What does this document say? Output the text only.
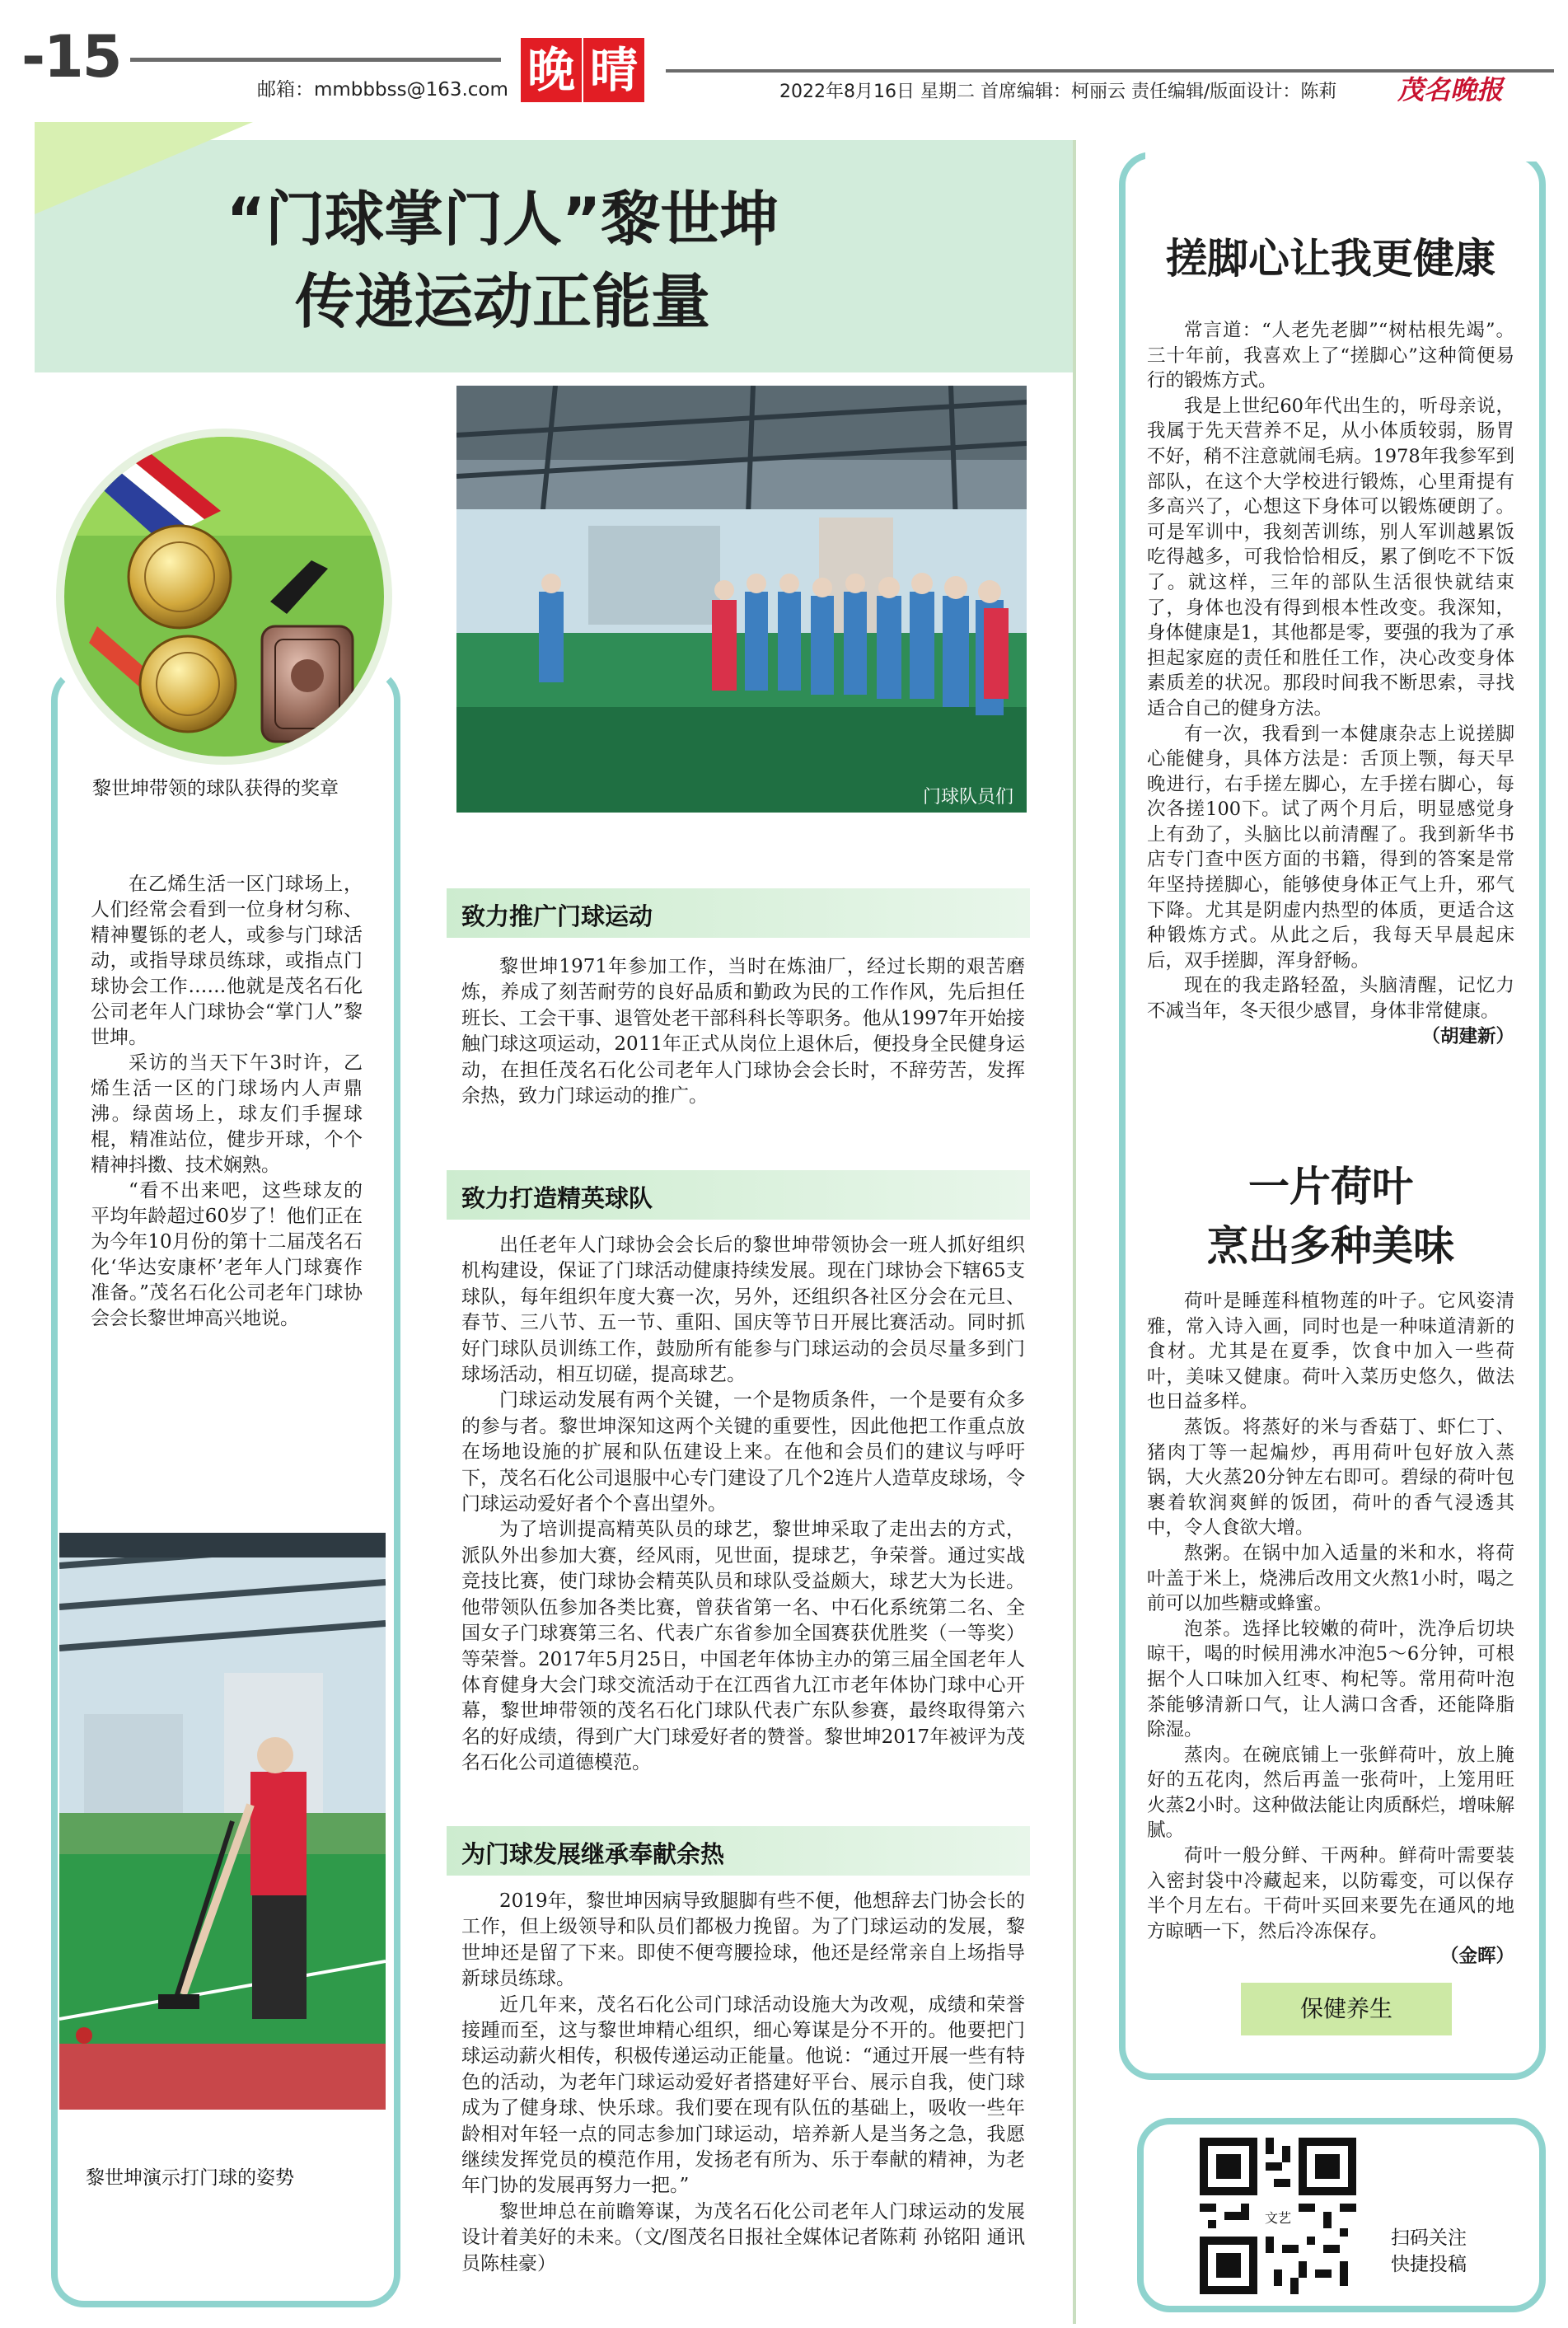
-15	邮箱：mmbbbss@163.com 晚 晴	2022年8月16日 星期二 首席编辑：柯丽云 责任编辑/版面设计：陈莉 茂名晚报
“门球掌门人”黎世坤
传递运动正能量
黎世坤带领的球队获得的奖章	门球队员们

在乙烯生活一区门球场上，人们经常会看到一位身材匀称、精神矍铄的老人，或参与门球活动，或指导球员练球，或指点门球协会工作……他就是茂名石化公司老年人门球协会“掌门人”黎世坤。

采访的当天下午3时许，乙烯生活一区的门球场内人声鼎沸。绿茵场上，球友们手握球棍，精准站位，健步开球，个个精神抖擞、技术娴熟。

“看不出来吧，这些球友的平均年龄超过60岁了！他们正在为今年10月份的第十二届茂名石化‘华达安康杯’老年人门球赛作准备。”茂名石化公司老年门球协会会长黎世坤高兴地说。

黎世坤演示打门球的姿势
致力推广门球运动

黎世坤1971年参加工作，当时在炼油厂，经过长期的艰苦磨炼，养成了刻苦耐劳的良好品质和勤政为民的工作作风，先后担任班长、工会干事、退管处老干部科科长等职务。他从1997年开始接触门球这项运动，2011年正式从岗位上退休后，便投身全民健身运动，在担任茂名石化公司老年人门球协会会长时，不辞劳苦，发挥余热，致力门球运动的推广。

致力打造精英球队

出任老年人门球协会会长后的黎世坤带领协会一班人抓好组织机构建设，保证了门球活动健康持续发展。现在门球协会下辖65支球队，每年组织年度大赛一次，另外，还组织各社区分会在元旦、春节、三八节、五一节、重阳、国庆等节日开展比赛活动。同时抓好门球队员训练工作，鼓励所有能参与门球运动的会员尽量多到门球场活动，相互切磋，提高球艺。

门球运动发展有两个关键，一个是物质条件，一个是要有众多的参与者。黎世坤深知这两个关键的重要性，因此他把工作重点放在场地设施的扩展和队伍建设上来。在他和会员们的建议与呼吁下，茂名石化公司退服中心专门建设了几个2连片人造草皮球场，令门球运动爱好者个个喜出望外。

为了培训提高精英队员的球艺，黎世坤采取了走出去的方式，派队外出参加大赛，经风雨，见世面，提球艺，争荣誉。通过实战竞技比赛，使门球协会精英队员和球队受益颇大，球艺大为长进。他带领队伍参加各类比赛，曾获省第一名、中石化系统第二名、全国女子门球赛第三名、代表广东省参加全国赛获优胜奖（一等奖）等荣誉。2017年5月25日，中国老年体协主办的第三届全国老年人体育健身大会门球交流活动于在江西省九江市老年体协门球中心开幕，黎世坤带领的茂名石化门球队代表广东队参赛，最终取得第六名的好成绩，得到广大门球爱好者的赞誉。黎世坤2017年被评为茂名石化公司道德模范。

为门球发展继承奉献余热

2019年，黎世坤因病导致腿脚有些不便，他想辞去门协会长的工作，但上级领导和队员们都极力挽留。为了门球运动的发展，黎世坤还是留了下来。即使不便弯腰捡球，他还是经常亲自上场指导新球员练球。

近几年来，茂名石化公司门球活动设施大为改观，成绩和荣誉接踵而至，这与黎世坤精心组织，细心筹谋是分不开的。他要把门球运动薪火相传，积极传递运动正能量。他说：“通过开展一些有特色的活动，为老年门球运动爱好者搭建好平台、展示自我，使门球成为了健身球、快乐球。我们要在现有队伍的基础上，吸收一些年龄相对年轻一点的同志参加门球运动，培养新人是当务之急，我愿继续发挥党员的模范作用，发扬老有所为、乐于奉献的精神，为老年门协的发展再努力一把。”

黎世坤总在前瞻筹谋，为茂名石化公司老年人门球运动的发展设计着美好的未来。（文/图茂名日报社全媒体记者陈莉 孙铭阳 通讯员陈桂豪）

搓脚心让我更健康

常言道：“人老先老脚”“树枯根先竭”。三十年前，我喜欢上了“搓脚心”这种简便易行的锻炼方式。

我是上世纪60年代出生的，听母亲说，我属于先天营养不足，从小体质较弱，肠胃不好，稍不注意就闹毛病。1978年我参军到部队，在这个大学校进行锻炼，心里甭提有多高兴了，心想这下身体可以锻炼硬朗了。可是军训中，我刻苦训练，别人军训越累饭吃得越多，可我恰恰相反，累了倒吃不下饭了。就这样，三年的部队生活很快就结束了，身体也没有得到根本性改变。我深知，身体健康是1，其他都是零，要强的我为了承担起家庭的责任和胜任工作，决心改变身体素质差的状况。那段时间我不断思索，寻找适合自己的健身方法。

有一次，我看到一本健康杂志上说搓脚心能健身，具体方法是：舌顶上颚，每天早晚进行，右手搓左脚心，左手搓右脚心，每次各搓100下。试了两个月后，明显感觉身上有劲了，头脑比以前清醒了。我到新华书店专门查中医方面的书籍，得到的答案是常年坚持搓脚心，能够使身体正气上升，邪气下降。尤其是阴虚内热型的体质，更适合这种锻炼方式。从此之后，我每天早晨起床后，双手搓脚，浑身舒畅。

现在的我走路轻盈，头脑清醒，记忆力不减当年，冬天很少感冒，身体非常健康。

（胡建新）
一片荷叶
烹出多种美味

荷叶是睡莲科植物莲的叶子。它风姿清雅，常入诗入画，同时也是一种味道清新的食材。尤其是在夏季，饮食中加入一些荷叶，美味又健康。荷叶入菜历史悠久，做法也日益多样。

蒸饭。将蒸好的米与香菇丁、虾仁丁、猪肉丁等一起煸炒，再用荷叶包好放入蒸锅，大火蒸20分钟左右即可。碧绿的荷叶包裹着软润爽鲜的饭团，荷叶的香气浸透其中，令人食欲大增。

熬粥。在锅中加入适量的米和水，将荷叶盖于米上，烧沸后改用文火熬1小时，喝之前可以加些糖或蜂蜜。

泡茶。选择比较嫩的荷叶，洗净后切块晾干，喝的时候用沸水冲泡5～6分钟，可根据个人口味加入红枣、枸杞等。常用荷叶泡茶能够清新口气，让人满口含香，还能降脂除湿。

蒸肉。在碗底铺上一张鲜荷叶，放上腌好的五花肉，然后再盖一张荷叶，上笼用旺火蒸2小时。这种做法能让肉质酥烂，增味解腻。

荷叶一般分鲜、干两种。鲜荷叶需要装入密封袋中冷藏起来，以防霉变，可以保存半个月左右。干荷叶买回来要先在通风的地方晾晒一下，然后冷冻保存。

（金晖）
保健养生
文艺
扫码关注
快捷投稿
